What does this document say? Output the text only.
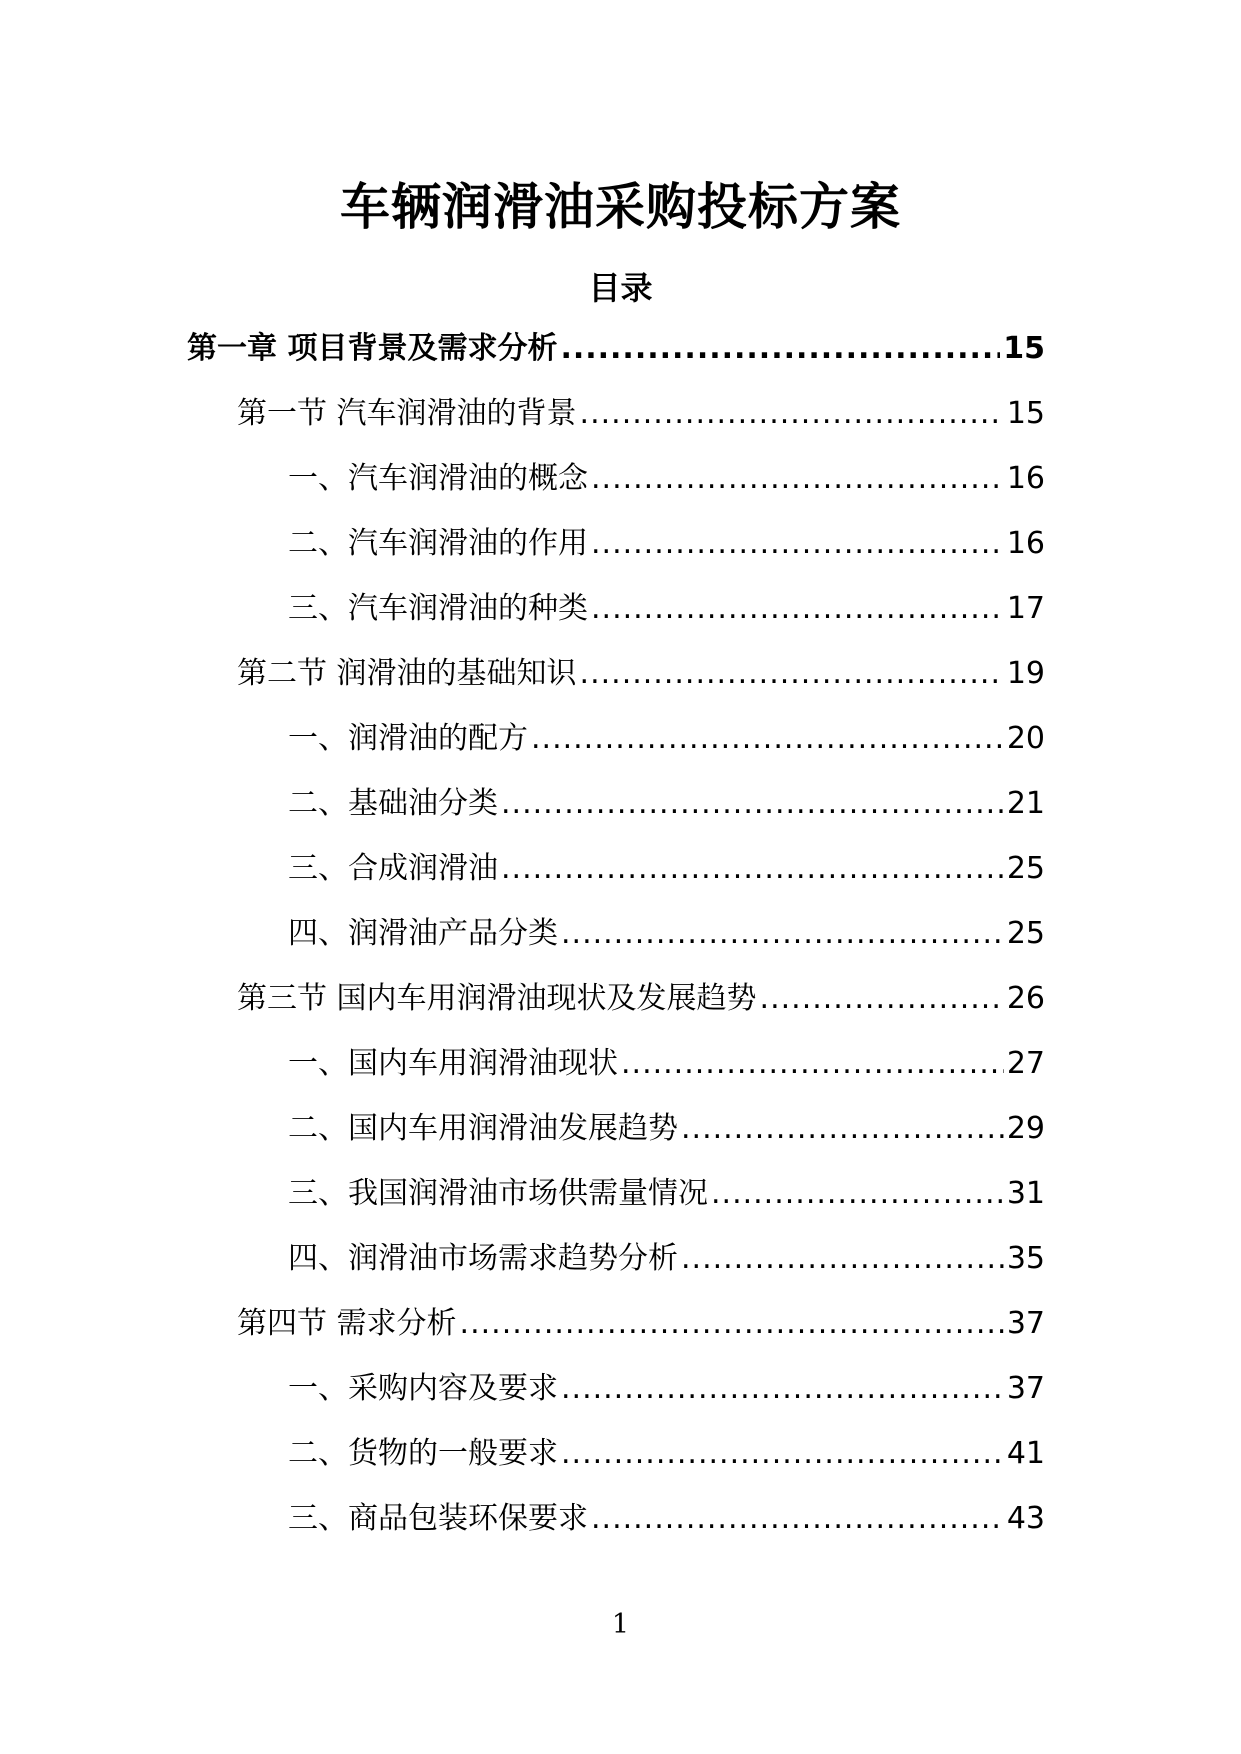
车辆润滑油采购投标方案
目录
第一章 项目背景及需求分析 .....	15
第一节 汽车润滑油的背景 .....	15
一、汽车润滑油的概念 .....	16
二、汽车润滑油的作用 .....	16
三、汽车润滑油的种类 .....	17
第二节 润滑油的基础知识 .....	19
一、润滑油的配方 .....	20
二、基础油分类 .....	21
三、合成润滑油 .....	25
四、润滑油产品分类 .....	25
第三节 国内车用润滑油现状及发展趋势 .....	26
一、国内车用润滑油现状 .....	27
二、国内车用润滑油发展趋势 .....	29
三、我国润滑油市场供需量情况 .....	31
四、润滑油市场需求趋势分析 .....	35
第四节 需求分析 .....	37
一、采购内容及要求 .....	37
二、货物的一般要求 .....	41
三、商品包装环保要求 .....	43
1
